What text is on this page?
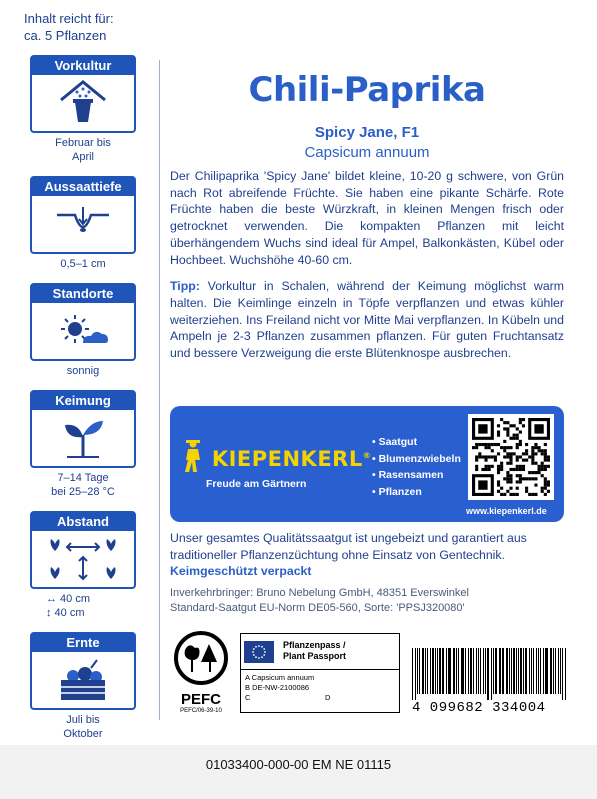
Inhalt reicht für:
ca. 5 Pflanzen
Vorkultur
Februar bis
April
Aussaattiefe
0,5–1 cm
Standorte
sonnig
Keimung
7–14 Tage
bei 25–28 °C
Abstand
↔ 40 cm
↕ 40 cm
Ernte
Juli bis
Oktober
Chili-Paprika
Spicy Jane, F1
Capsicum annuum

Der Chilipaprika 'Spicy Jane' bildet kleine, 10-20 g schwere, von Grün nach Rot abreifende Früchte. Sie haben eine pikante Schärfe. Rote Früchte haben die beste Würzkraft, in kleinen Mengen frisch oder getrocknet verwenden. Die kompakten Pflanzen mit leicht überhängendem Wuchs sind ideal für Ampel, Balkonkästen, Kübel oder Hochbeet. Wuchshöhe 40-60 cm.

Tipp: Vorkultur in Schalen, während der Keimung möglichst warm halten. Die Keimlinge einzeln in Töpfe verpflanzen und etwas kühler weiterziehen. Ins Freiland nicht vor Mitte Mai verpflanzen. In Kübeln und Ampeln je 2-3 Pflanzen zusammen pflanzen. Für guten Fruchtansatz und bessere Verzweigung die erste Blütenknospe ausbrechen.

KIEPENKERL®
Freude am Gärtnern
• Saatgut
• Blumenzwiebeln
• Rasensamen
• Pflanzen
www.kiepenkerl.de
Unser gesamtes Qualitätssaatgut ist ungebeizt und garantiert aus traditioneller Pflanzenzüchtung ohne Einsatz von Gentechnik.
Keimgeschützt verpackt
Inverkehrbringer: Bruno Nebelung GmbH, 48351 Everswinkel
Standard-Saatgut EU-Norm DE05-560, Sorte: 'PPSJ320080'
PEFC
PEFC/06-39-10
Pflanzenpass /
Plant Passport
A Capsicum annuum
B DE-NW-2100086
C	D
4 099682 334004
01033400-000-00 EM NE 01115
